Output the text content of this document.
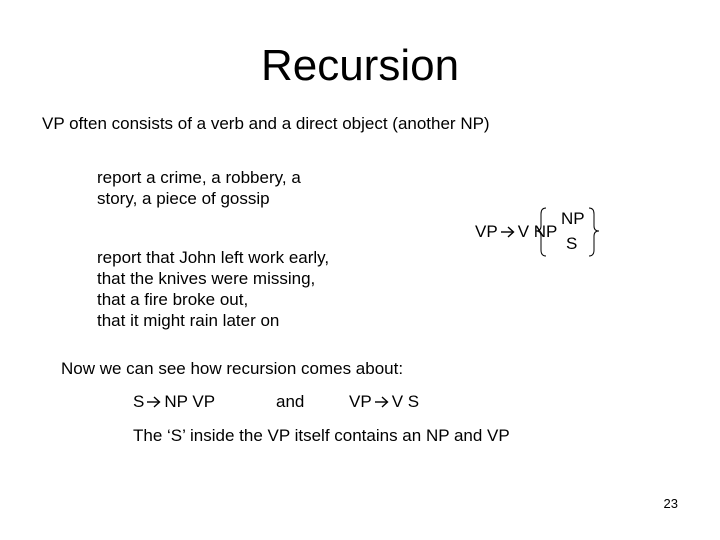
Recursion
VP often consists of a verb and a direct object (another NP)
report a crime, a robbery, a
story, a piece of gossip
report that John left work early,
that the knives were missing,
that a fire broke out,
that it might rain later on
VP V NP
NP
S
Now we can see how recursion comes about:
S NP VP	and	VP V S
The ‘S’ inside the VP itself contains an NP and VP
23
